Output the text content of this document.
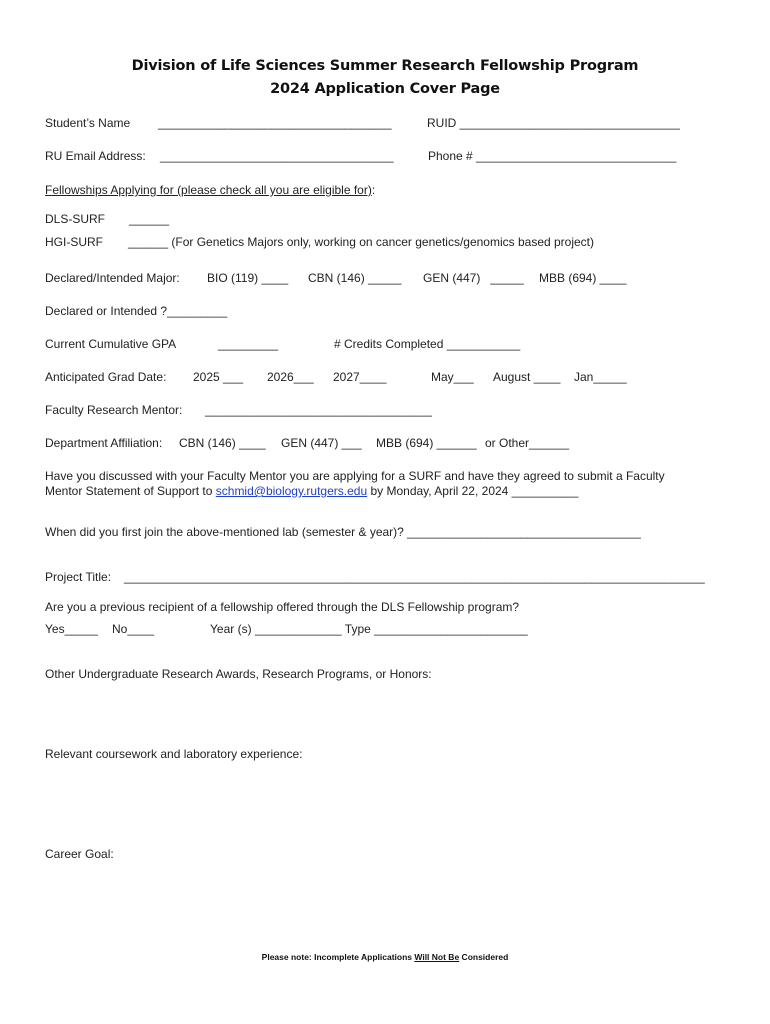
Division of Life Sciences Summer Research Fellowship Program
2024 Application Cover Page
Student’s Name ___________________________________	RUID _________________________________
RU Email Address: ___________________________________	Phone # ______________________________
Fellowships Applying for (please check all you are eligible for):
DLS-SURF ______
HGI-SURF ______ (For Genetics Majors only, working on cancer genetics/genomics based project)
Declared/Intended Major: BIO (119) ____ CBN (146) _____ GEN (447)   _____ MBB (694) ____
Declared or Intended ?_________
Current Cumulative GPA	_________	# Credits Completed ___________
Anticipated Grad Date: 2025 ___ 2026___ 2027____	May___ August ____ Jan_____
Faculty Research Mentor: __________________________________
Department Affiliation: CBN (146) ____ GEN (447) ___ MBB (694) ______ or Other______
Have you discussed with your Faculty Mentor you are applying for a SURF and have they agreed to submit a Faculty
Mentor Statement of Support to schmid@biology.rutgers.edu by Monday, April 22, 2024 __________
When did you first join the above-mentioned lab (semester & year)? ___________________________________
Project Title: _______________________________________________________________________________________
Are you a previous recipient of a fellowship offered through the DLS Fellowship program?
Yes_____ No____	Year (s) _____________ Type _______________________
Other Undergraduate Research Awards, Research Programs, or Honors:
Relevant coursework and laboratory experience:
Career Goal:
Please note: Incomplete Applications Will Not Be Considered
